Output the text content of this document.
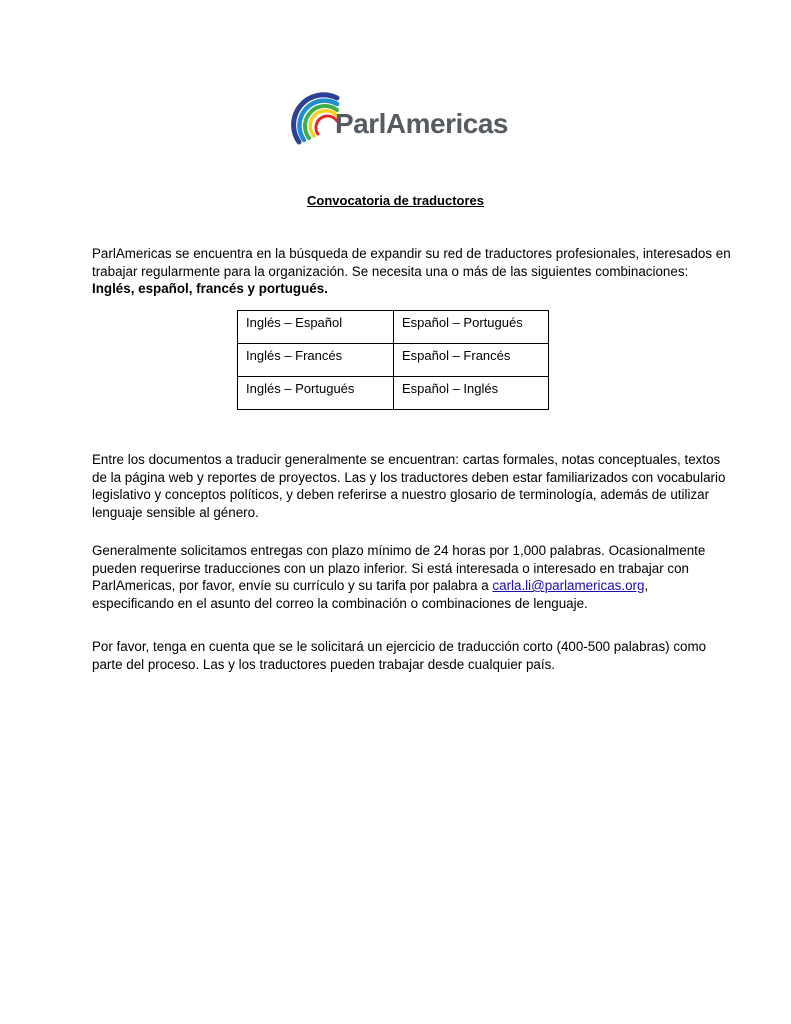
ParlAmericas
Convocatoria de traductores

ParlAmericas se encuentra en la búsqueda de expandir su red de traductores profesionales, interesados en trabajar regularmente para la organización. Se necesita una o más de las siguientes combinaciones: Inglés, español, francés y portugués.

Inglés – Español	Español – Portugués
Inglés – Francés	Español – Francés
Inglés – Portugués	Español – Inglés

Entre los documentos a traducir generalmente se encuentran: cartas formales, notas conceptuales, textos de la página web y reportes de proyectos. Las y los traductores deben estar familiarizados con vocabulario legislativo y conceptos políticos, y deben referirse a nuestro glosario de terminología, además de utilizar lenguaje sensible al género.

Generalmente solicitamos entregas con plazo mínimo de 24 horas por 1,000 palabras. Ocasionalmente pueden requerirse traducciones con un plazo inferior. Si está interesada o interesado en trabajar con ParlAmericas, por favor, envíe su currículo y su tarifa por palabra a carla.li@parlamericas.org, especificando en el asunto del correo la combinación o combinaciones de lenguaje.

Por favor, tenga en cuenta que se le solicitará un ejercicio de traducción corto (400-500 palabras) como parte del proceso. Las y los traductores pueden trabajar desde cualquier país.
